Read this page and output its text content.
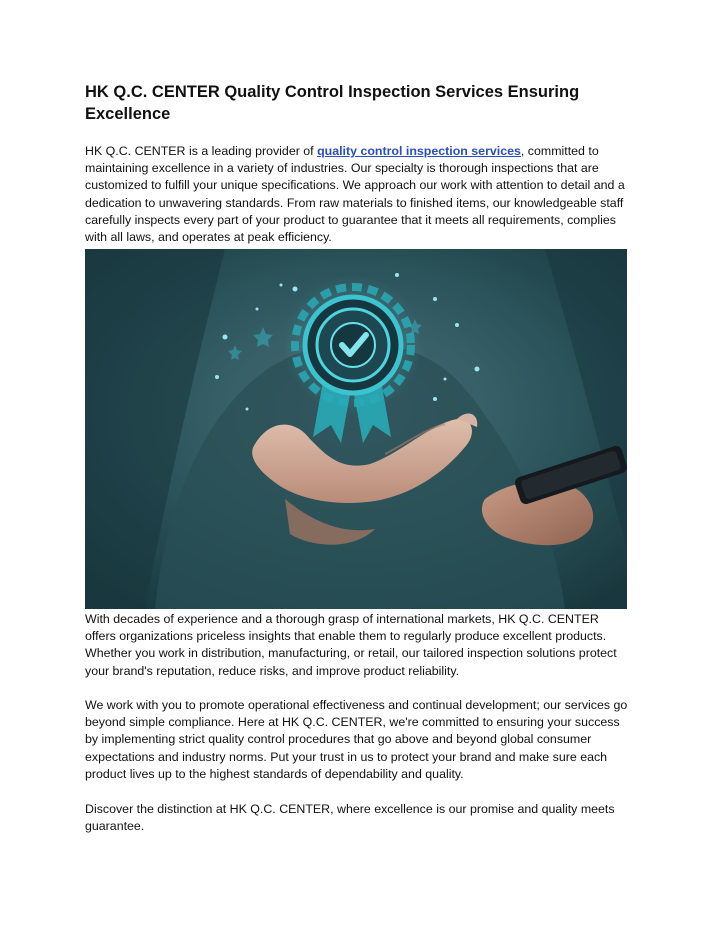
HK Q.C. CENTER Quality Control Inspection Services Ensuring Excellence

HK Q.C. CENTER is a leading provider of quality control inspection services, committed to maintaining excellence in a variety of industries. Our specialty is thorough inspections that are customized to fulfill your unique specifications. We approach our work with attention to detail and a dedication to unwavering standards. From raw materials to finished items, our knowledgeable staff carefully inspects every part of your product to guarantee that it meets all requirements, complies with all laws, and operates at peak efficiency.

With decades of experience and a thorough grasp of international markets, HK Q.C. CENTER offers organizations priceless insights that enable them to regularly produce excellent products. Whether you work in distribution, manufacturing, or retail, our tailored inspection solutions protect your brand's reputation, reduce risks, and improve product reliability.

We work with you to promote operational effectiveness and continual development; our services go beyond simple compliance. Here at HK Q.C. CENTER, we're committed to ensuring your success by implementing strict quality control procedures that go above and beyond global consumer expectations and industry norms. Put your trust in us to protect your brand and make sure each product lives up to the highest standards of dependability and quality.

Discover the distinction at HK Q.C. CENTER, where excellence is our promise and quality meets guarantee.
